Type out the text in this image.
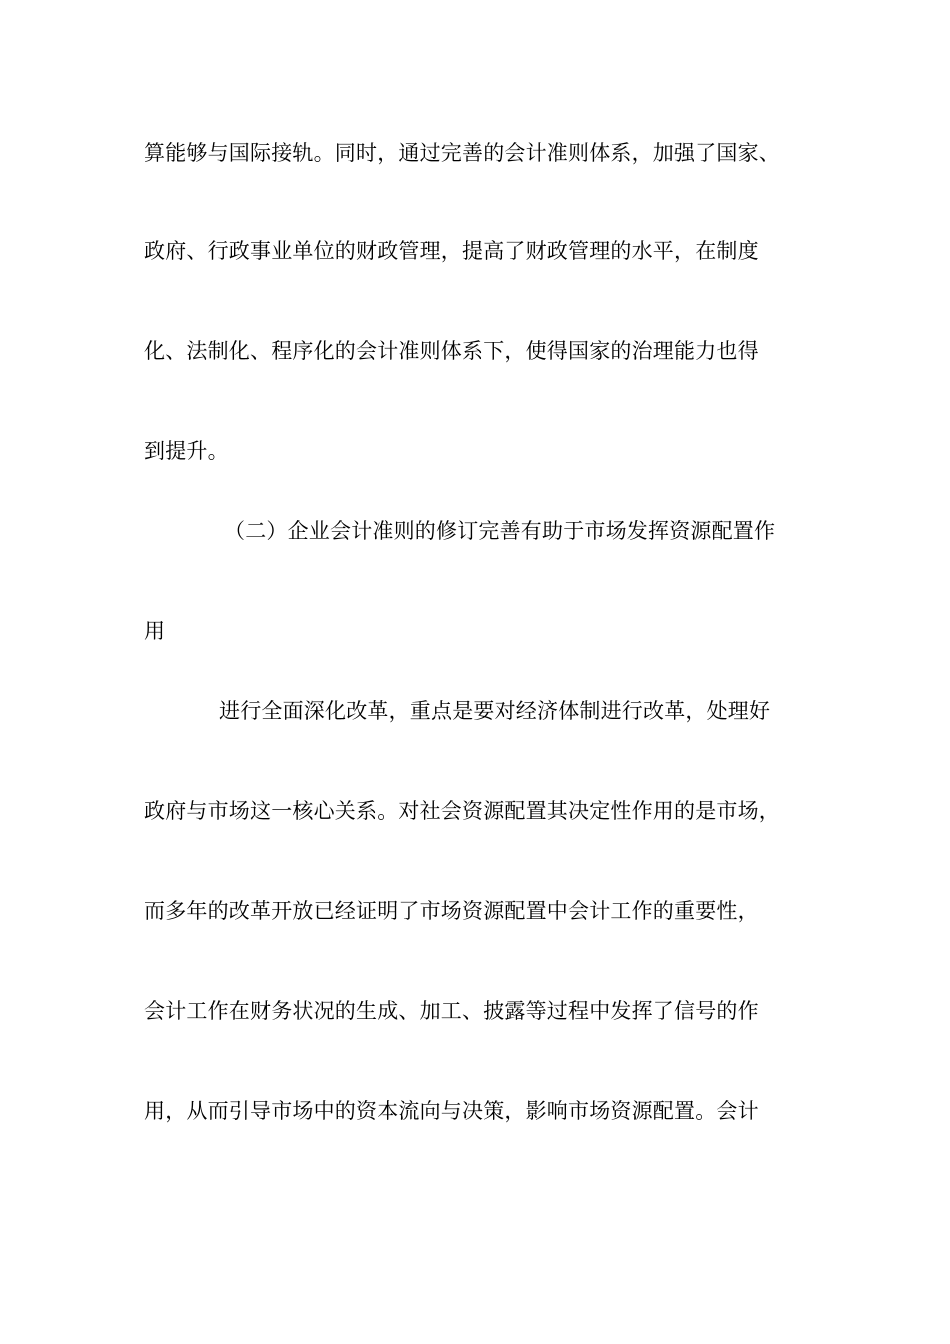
算能够与国际接轨。同时，通过完善的会计准则体系，加强了国家、
政府、行政事业单位的财政管理，提高了财政管理的水平，在制度
化、法制化、程序化的会计准则体系下，使得国家的治理能力也得
到提升。
（二）企业会计准则的修订完善有助于市场发挥资源配置作
用
进行全面深化改革，重点是要对经济体制进行改革，处理好
政府与市场这一核心关系。对社会资源配置其决定性作用的是市场，
而多年的改革开放已经证明了市场资源配置中会计工作的重要性，
会计工作在财务状况的生成、加工、披露等过程中发挥了信号的作
用，从而引导市场中的资本流向与决策，影响市场资源配置。会计
